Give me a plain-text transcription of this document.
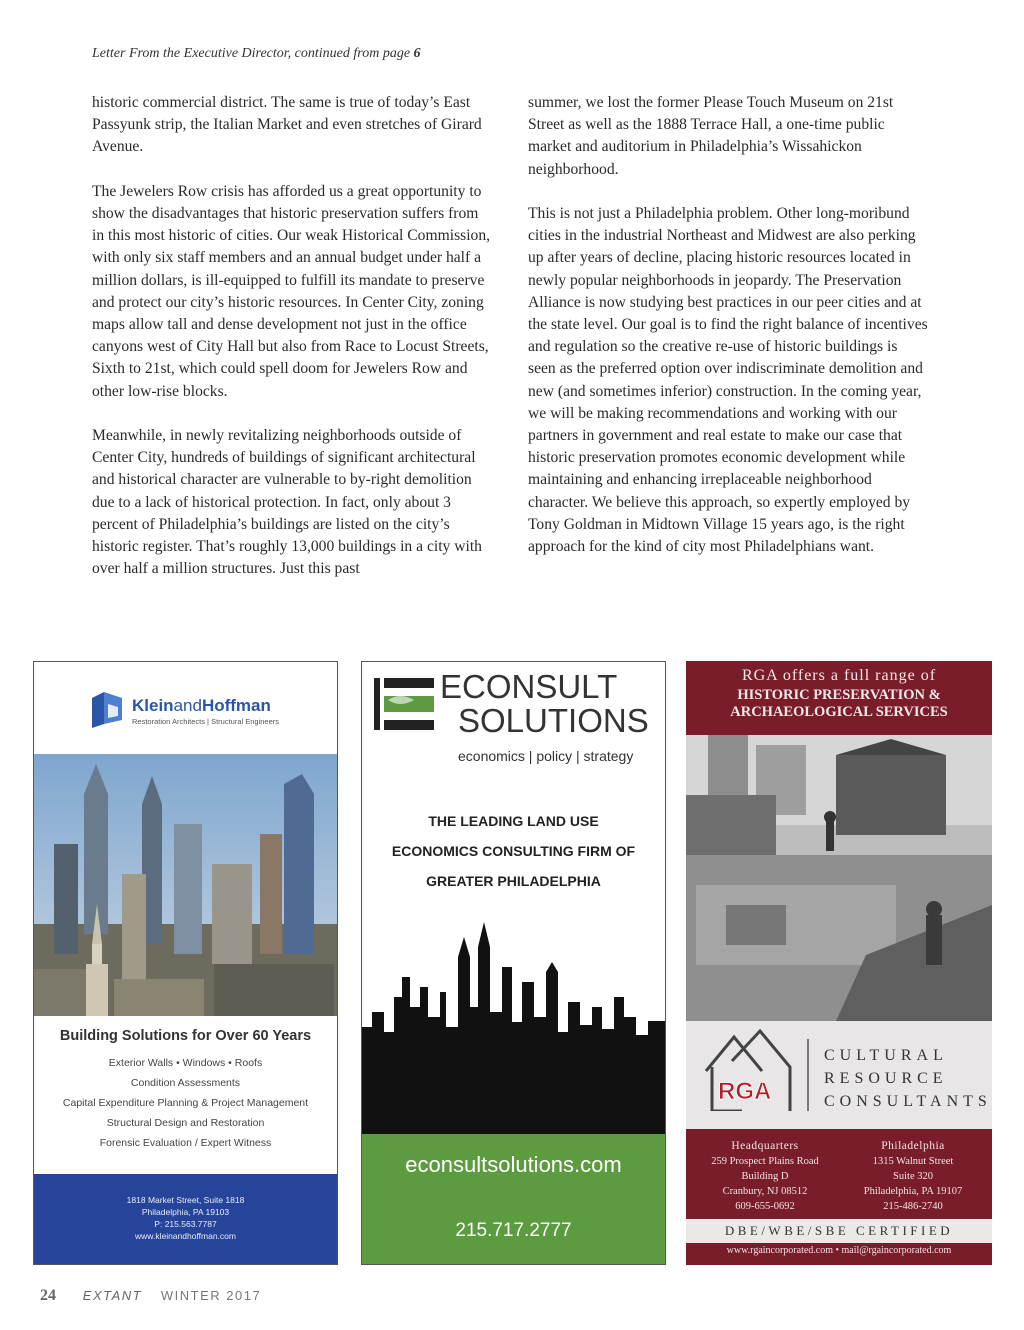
Letter From the Executive Director, continued from page 6

historic commercial district. The same is true of today’s East Passyunk strip, the Italian Market and even stretches of Girard Avenue.

The Jewelers Row crisis has afforded us a great opportunity to show the disadvantages that historic preservation suffers from in this most historic of cities. Our weak Historical Commission, with only six staff members and an annual budget under half a million dollars, is ill-equipped to fulfill its mandate to preserve and protect our city’s historic resources. In Center City, zoning maps allow tall and dense development not just in the office canyons west of City Hall but also from Race to Locust Streets, Sixth to 21st, which could spell doom for Jewelers Row and other low-rise blocks.

Meanwhile, in newly revitalizing neighborhoods outside of Center City, hundreds of buildings of significant architectural and historical character are vulnerable to by-right demolition due to a lack of historical protection. In fact, only about 3 percent of Philadelphia’s buildings are listed on the city’s historic register. That’s roughly 13,000 buildings in a city with over half a million structures. Just this past

summer, we lost the former Please Touch Museum on 21st Street as well as the 1888 Terrace Hall, a one-time public market and auditorium in Philadelphia’s Wissahickon neighborhood.

This is not just a Philadelphia problem. Other long-moribund cities in the industrial Northeast and Midwest are also perking up after years of decline, placing historic resources located in newly popular neighborhoods in jeopardy. The Preservation Alliance is now studying best practices in our peer cities and at the state level. Our goal is to find the right balance of incentives and regulation so the creative re-use of historic buildings is seen as the preferred option over indiscriminate demolition and new (and sometimes inferior) construction. In the coming year, we will be making recommendations and working with our partners in government and real estate to make our case that historic preservation promotes economic development while maintaining and enhancing irreplaceable neighborhood character. We believe this approach, so expertly employed by Tony Goldman in Midtown Village 15 years ago, is the right approach for the kind of city most Philadelphians want.

KleinandHoffman
Restoration Architects | Structural Engineers
Building Solutions for Over 60 Years
Exterior Walls • Windows • Roofs
Condition Assessments
Capital Expenditure Planning & Project Management
Structural Design and Restoration
Forensic Evaluation / Expert Witness
1818 Market Street, Suite 1818
Philadelphia, PA 19103
P: 215.563.7787
www.kleinandhoffman.com
ECONSULT
SOLUTIONS
economics | policy | strategy
THE LEADING LAND USE
ECONOMICS CONSULTING FIRM OF
GREATER PHILADELPHIA
econsultsolutions.com
215.717.2777
RGA offers a full range of
HISTORIC PRESERVATION &
ARCHAEOLOGICAL SERVICES
RGA
CULTURAL
RESOURCE
CONSULTANTS
Headquarters
259 Prospect Plains Road
Building D
Cranbury, NJ 08512
609-655-0692
Philadelphia
1315 Walnut Street
Suite 320
Philadelphia, PA 19107
215-486-2740
DBE/WBE/SBE CERTIFIED
www.rgaincorporated.com • mail@rgaincorporated.com
24 EXTANT WINTER 2017
